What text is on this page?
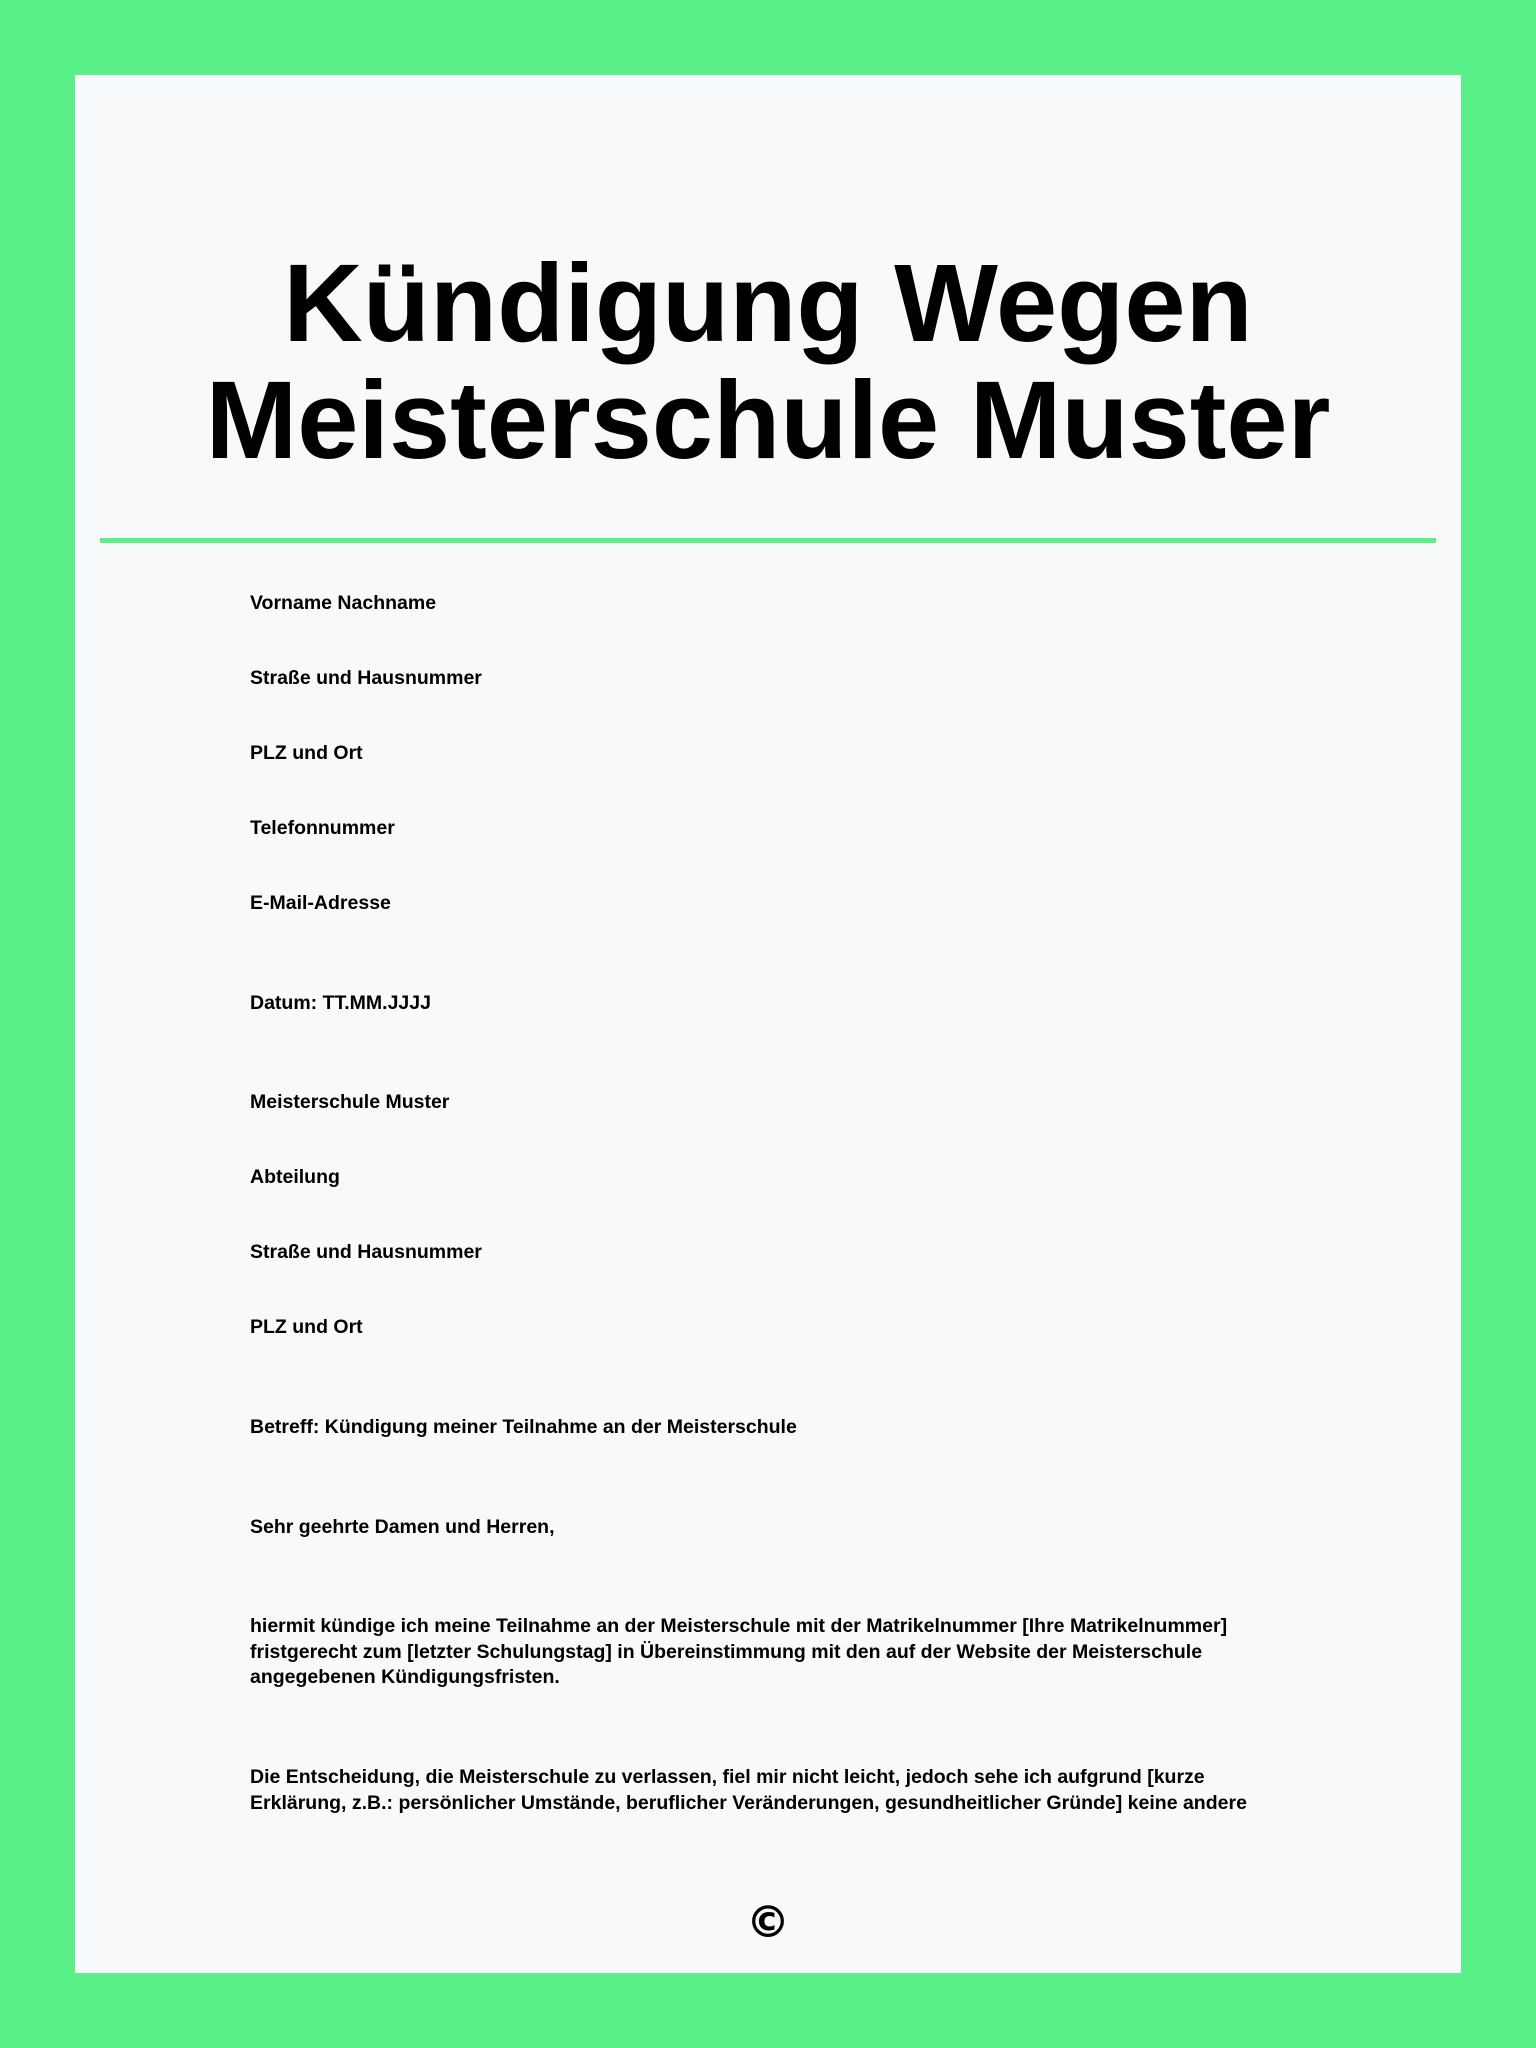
Kündigung Wegen
Meisterschule Muster

Vorname Nachname

Straße und Hausnummer

PLZ und Ort

Telefonnummer

E-Mail-Adresse

Datum: TT.MM.JJJJ

Meisterschule Muster

Abteilung

Straße und Hausnummer

PLZ und Ort

Betreff: Kündigung meiner Teilnahme an der Meisterschule

Sehr geehrte Damen und Herren,

hiermit kündige ich meine Teilnahme an der Meisterschule mit der Matrikelnummer [Ihre Matrikelnummer] fristgerecht zum [letzter Schulungstag] in Übereinstimmung mit den auf der Website der Meisterschule angegebenen Kündigungsfristen.

Die Entscheidung, die Meisterschule zu verlassen, fiel mir nicht leicht, jedoch sehe ich aufgrund [kurze Erklärung, z.B.: persönlicher Umstände, beruflicher Veränderungen, gesundheitlicher Gründe] keine andere

©
